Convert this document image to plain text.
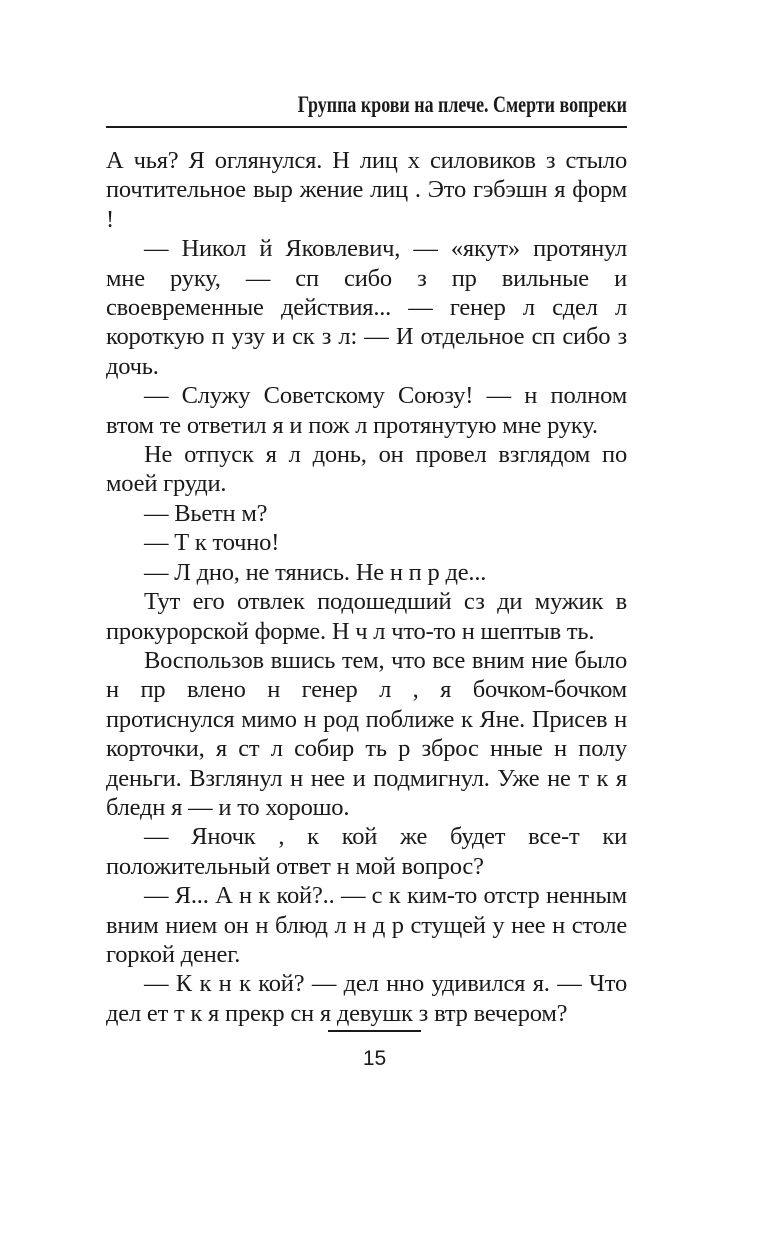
Группа крови на плече. Смерти вопреки

А чья? Я оглянулся. Н лиц х силовиков з стыло почтительное выр жение лиц . Это гэбэшн я форм !

— Никол й Яковлевич, — «якут» протянул мне руку, — сп сибо з пр вильные и своевременные действия... — генер л сдел л короткую п узу и ск з л: — И отдельное сп сибо з дочь.

— Служу Советскому Союзу! — н полном втом те ответил я и пож л протянутую мне руку.

Не отпуск я л донь, он провел взглядом по моей груди.

— Вьетн м?

— Т к точно!

— Л дно, не тянись. Не н п р де...

Тут его отвлек подошедший сз ди мужик в прокурорской форме. Н ч л что-то н шептыв ть.

Воспользов вшись тем, что все вним ние было н пр влено н генер л , я бочком-бочком протиснулся мимо н род поближе к Яне. Присев н корточки, я ст л собир ть р зброс нные н полу деньги. Взглянул н нее и подмигнул. Уже не т к я бледн я — и то хорошо.

— Яночк , к кой же будет все-т ки положительный ответ н мой вопрос?

— Я... А н к кой?.. — с к ким-то отстр ненным вним нием он н блюд л н д р стущей у нее н столе горкой денег.

— К к н к кой? — дел нно удивился я. — Что дел ет т к я прекр сн я девушк з втр вечером?

15
